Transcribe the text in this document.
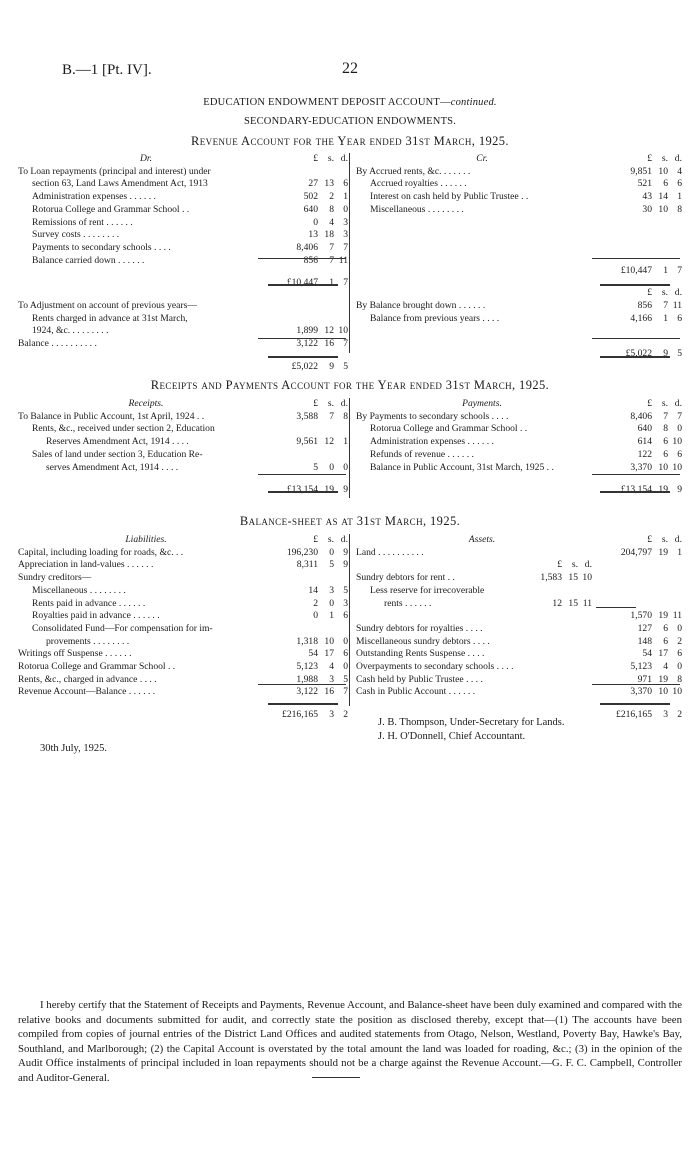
B.—1 [Pt. IV].	22
EDUCATION ENDOWMENT DEPOSIT ACCOUNT—continued.
SECONDARY-EDUCATION ENDOWMENTS.
Revenue Account for the Year ended 31st March, 1925.
Dr.	£	s. d.
To Loan repayments (principal and interest) under
section 63, Land Laws Amendment Act, 1913	27 13 6
Administration expenses . . . . . .	502	2 1
Rotorua College and Grammar School . .	640	8 0
Remissions of rent . . . . . .	0	4 3
Survey costs . . . . . . . .	13 18 3
Payments to secondary schools . . . .	8,406	7 7
Balance carried down . . . . . .	856	7 11
£10,447	1 7
To Adjustment on account of previous years—
Rents charged in advance at 31st March,
1924, &c. . . . . . . . .	1,899 12 10
Balance . . . . . . . . . .	3,122 16 7
£5,022	9 5
Cr.	£	s. d.
By Accrued rents, &c. . . . . . .	9,851 10 4
Accrued royalties . . . . . .	521	6 6
Interest on cash held by Public Trustee . .	43 14 1
Miscellaneous . . . . . . . .	30 10 8
£10,447	1 7
£	s. d.
By Balance brought down . . . . . .	856	7 11
Balance from previous years . . . .	4,166	1 6
£5,022	9 5
Receipts and Payments Account for the Year ended 31st March, 1925.
Receipts.	£	s. d.
To Balance in Public Account, 1st April, 1924 . .	3,588	7 8
Rents, &c., received under section 2, Education
Reserves Amendment Act, 1914 . . . .	9,561 12 1
Sales of land under section 3, Education Re-
serves Amendment Act, 1914 . . . .	5	0 0
£13,154 19 9
Payments.	£	s. d.
By Payments to secondary schools . . . .	8,406	7 7
Rotorua College and Grammar School . .	640	8 0
Administration expenses . . . . . .	614	6 10
Refunds of revenue . . . . . .	122	6 6
Balance in Public Account, 31st March, 1925 . .	3,370 10 10
£13,154 19 9
Balance-sheet as at 31st March, 1925.
Liabilities.	£	s. d.
Capital, including loading for roads, &c. . .	196,230	0 9
Appreciation in land-values . . . . . .	8,311	5 9
Sundry creditors—
Miscellaneous . . . . . . . .	14	3 5
Rents paid in advance . . . . . .	2	0 3
Royalties paid in advance . . . . . .	0	1 6
Consolidated Fund—For compensation for im-
provements . . . . . . . .	1,318 10 0
Writings off Suspense . . . . . .	54 17 6
Rotorua College and Grammar School . .	5,123	4 0
Rents, &c., charged in advance . . . .	1,988	3 5
Revenue Account—Balance . . . . . .	3,122 16 7
£216,165	3 2
Assets.	£	s. d.
Land . . . . . . . . . .	204,797 19 1
£	s. d.
Sundry debtors for rent . .	1,583 15 10
Less reserve for irrecoverable
rents . . . . . .	12 15 11
1,570 19 11
Sundry debtors for royalties . . . .	127	6 0
Miscellaneous sundry debtors . . . .	148	6 2
Outstanding Rents Suspense . . . .	54 17 6
Overpayments to secondary schools . . . .	5,123	4 0
Cash held by Public Trustee . . . .	971 19 8
Cash in Public Account . . . . . .	3,370 10 10
£216,165	3 2
J. B. Thompson, Under-Secretary for Lands.
J. H. O'Donnell, Chief Accountant.
30th July, 1925.
I hereby certify that the Statement of Receipts and Payments, Revenue Account, and Balance-sheet have been duly examined and compared with the relative books and documents submitted for audit, and correctly state the position as disclosed thereby, except that—(1) The accounts have been compiled from copies of journal entries of the District Land Offices and audited statements from Otago, Nelson, Westland, Poverty Bay, Hawke's Bay, Southland, and Marlborough; (2) the Capital Account is overstated by the total amount the land was loaded for roading, &c.; (3) in the opinion of the Audit Office instalments of principal included in loan repayments should not be a charge against the Revenue Account.—G. F. C. Campbell, Controller and Auditor-General.
